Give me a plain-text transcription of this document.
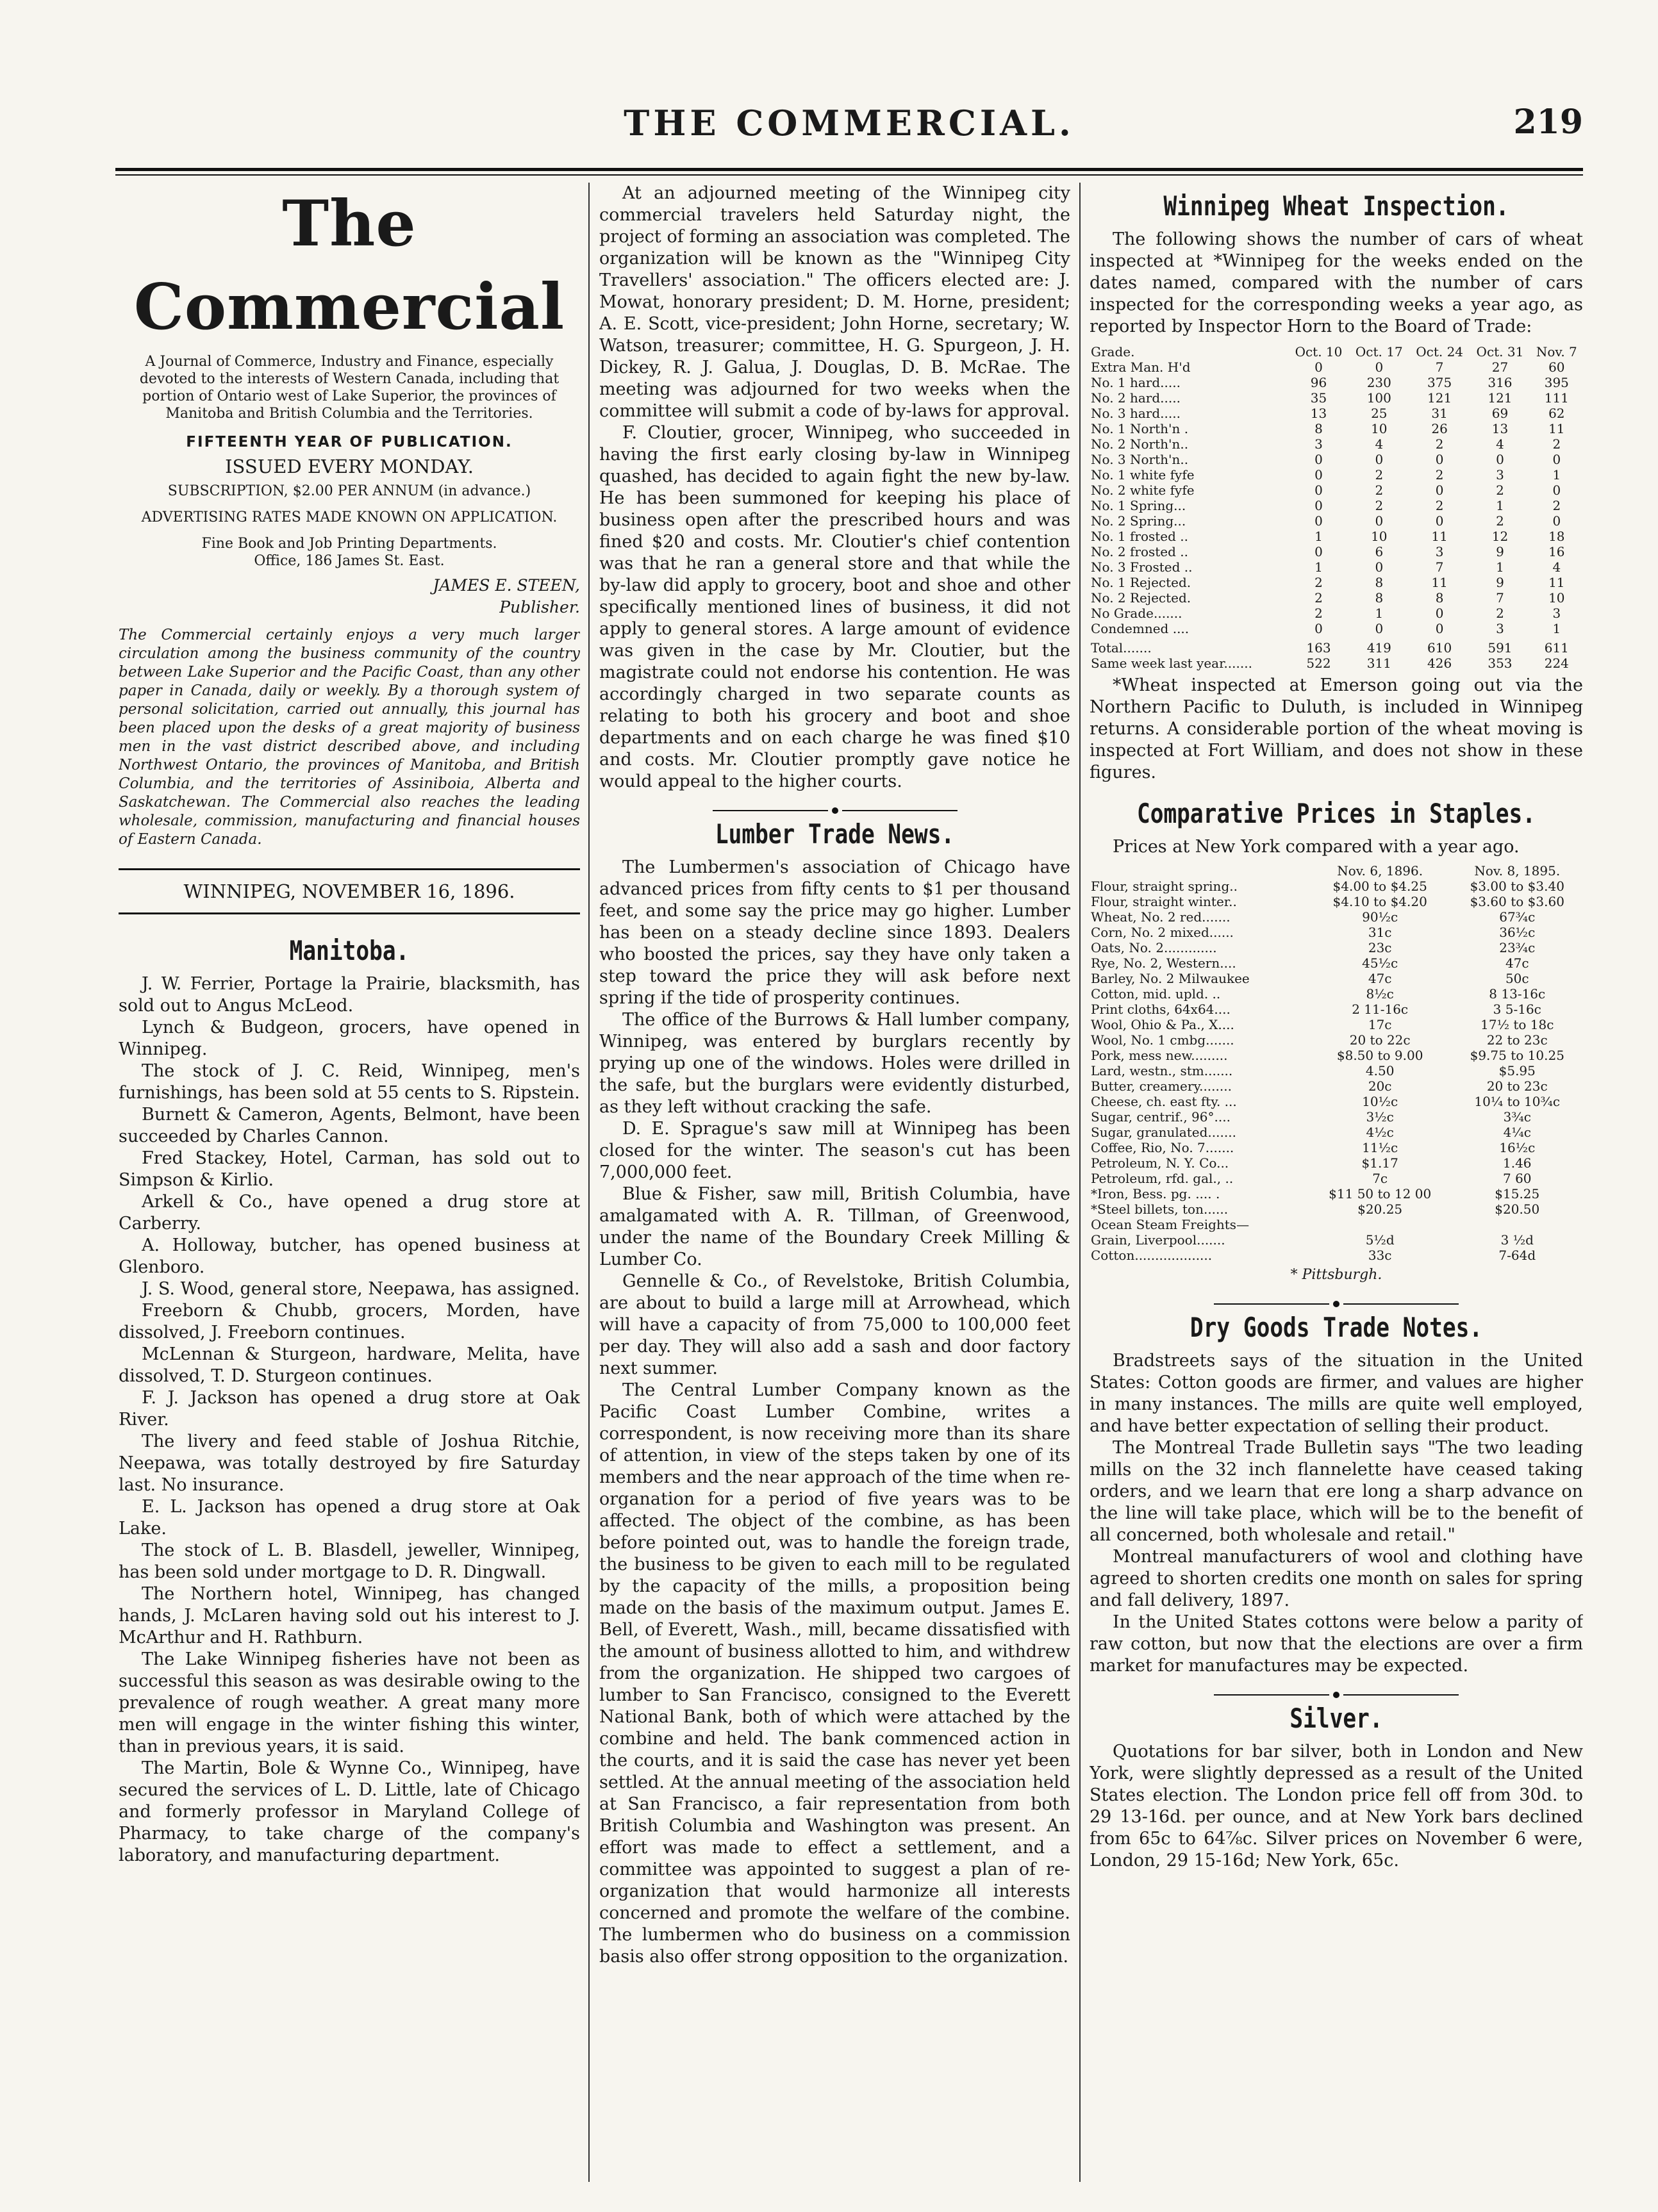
THE COMMERCIAL.	219
The Commercial

A Journal of Commerce, Industry and Finance, especially devoted to the interests of Western Canada, including that portion of Ontario west of Lake Superior, the provinces of Manitoba and British Columbia and the Territories.

FIFTEENTH YEAR OF PUBLICATION.

ISSUED EVERY MONDAY.

SUBSCRIPTION, $2.00 PER ANNUM (in advance.)

ADVERTISING RATES MADE KNOWN ON APPLICATION.

Fine Book and Job Printing Departments.

Office, 186 James St. East.

JAMES E. STEEN,

Publisher.

The Commercial certainly enjoys a very much larger circulation among the business community of the country between Lake Superior and the Pacific Coast, than any other paper in Canada, daily or weekly. By a thorough system of personal solicitation, carried out annually, this journal has been placed upon the desks of a great majority of business men in the vast district described above, and including Northwest Ontario, the provinces of Manitoba, and British Columbia, and the territories of Assiniboia, Alberta and Saskatchewan. The Commercial also reaches the leading wholesale, commission, manufacturing and financial houses of Eastern Canada.

WINNIPEG, NOVEMBER 16, 1896.
Manitoba.

J. W. Ferrier, Portage la Prairie, blacksmith, has sold out to Angus McLeod.

Lynch & Budgeon, grocers, have opened in Winnipeg.

The stock of J. C. Reid, Winnipeg, men's furnishings, has been sold at 55 cents to S. Ripstein.

Burnett & Cameron, Agents, Belmont, have been succeeded by Charles Cannon.

Fred Stackey, Hotel, Carman, has sold out to Simpson & Kirlio.

Arkell & Co., have opened a drug store at Carberry.

A. Holloway, butcher, has opened business at Glenboro.

J. S. Wood, general store, Neepawa, has assigned.

Freeborn & Chubb, grocers, Morden, have dissolved, J. Freeborn continues.

McLennan & Sturgeon, hardware, Melita, have dissolved, T. D. Sturgeon continues.

F. J. Jackson has opened a drug store at Oak River.

The livery and feed stable of Joshua Ritchie, Neepawa, was totally destroyed by fire Saturday last. No insurance.

E. L. Jackson has opened a drug store at Oak Lake.

The stock of L. B. Blasdell, jeweller, Winnipeg, has been sold under mortgage to D. R. Dingwall.

The Northern hotel, Winnipeg, has changed hands, J. McLaren having sold out his interest to J. McArthur and H. Rathburn.

The Lake Winnipeg fisheries have not been as successful this season as was desirable owing to the prevalence of rough weather. A great many more men will engage in the winter fishing this winter, than in previous years, it is said.

The Martin, Bole & Wynne Co., Winnipeg, have secured the services of L. D. Little, late of Chicago and formerly professor in Maryland College of Pharmacy, to take charge of the company's laboratory, and manufacturing department.

At an adjourned meeting of the Winnipeg city commercial travelers held Saturday night, the project of forming an association was completed. The organization will be known as the "Winnipeg City Travellers' association." The officers elected are: J. Mowat, honorary president; D. M. Horne, president; A. E. Scott, vice-president; John Horne, secretary; W. Watson, treasurer; committee, H. G. Spurgeon, J. H. Dickey, R. J. Galua, J. Douglas, D. B. McRae. The meeting was adjourned for two weeks when the committee will submit a code of by-laws for approval.

F. Cloutier, grocer, Winnipeg, who succeeded in having the first early closing by-law in Winnipeg quashed, has decided to again fight the new by-law. He has been summoned for keeping his place of business open after the prescribed hours and was fined $20 and costs. Mr. Cloutier's chief contention was that he ran a general store and that while the by-law did apply to grocery, boot and shoe and other specifically mentioned lines of business, it did not apply to general stores. A large amount of evidence was given in the case by Mr. Cloutier, but the magistrate could not endorse his contention. He was accordingly charged in two separate counts as relating to both his grocery and boot and shoe departments and on each charge he was fined $10 and costs. Mr. Cloutier promptly gave notice he would appeal to the higher courts.

Lumber Trade News.

The Lumbermen's association of Chicago have advanced prices from fifty cents to $1 per thousand feet, and some say the price may go higher. Lumber has been on a steady decline since 1893. Dealers who boosted the prices, say they have only taken a step toward the price they will ask before next spring if the tide of prosperity continues.

The office of the Burrows & Hall lumber company, Winnipeg, was entered by burglars recently by prying up one of the windows. Holes were drilled in the safe, but the burglars were evidently disturbed, as they left without cracking the safe.

D. E. Sprague's saw mill at Winnipeg has been closed for the winter. The season's cut has been 7,000,000 feet.

Blue & Fisher, saw mill, British Columbia, have amalgamated with A. R. Tillman, of Greenwood, under the name of the Boundary Creek Milling & Lumber Co.

Gennelle & Co., of Revelstoke, British Columbia, are about to build a large mill at Arrowhead, which will have a capacity of from 75,000 to 100,000 feet per day. They will also add a sash and door factory next summer.

The Central Lumber Company known as the Pacific Coast Lumber Combine, writes a correspondent, is now receiving more than its share of attention, in view of the steps taken by one of its members and the near approach of the time when re-organation for a period of five years was to be affected. The object of the combine, as has been before pointed out, was to handle the foreign trade, the business to be given to each mill to be regulated by the capacity of the mills, a proposition being made on the basis of the maximum output. James E. Bell, of Everett, Wash., mill, became dissatisfied with the amount of business allotted to him, and withdrew from the organization. He shipped two cargoes of lumber to San Francisco, consigned to the Everett National Bank, both of which were attached by the combine and held. The bank commenced action in the courts, and it is said the case has never yet been settled. At the annual meeting of the association held at San Francisco, a fair representation from both British Columbia and Washington was present. An effort was made to effect a settlement, and a committee was appointed to suggest a plan of re-organization that would harmonize all interests concerned and promote the welfare of the combine. The lumbermen who do business on a commission basis also offer strong opposition to the organization.

Winnipeg Wheat Inspection.

The following shows the number of cars of wheat inspected at *Winnipeg for the weeks ended on the dates named, compared with the number of cars inspected for the corresponding weeks a year ago, as reported by Inspector Horn to the Board of Trade:

Grade.	Oct. 10	Oct. 17	Oct. 24	Oct. 31	Nov. 7
Extra Man. H'd	0	0	7	27	60
No. 1 hard.....	96	230	375	316	395
No. 2 hard.....	35	100	121	121	111
No. 3 hard.....	13	25	31	69	62
No. 1 North'n .	8	10	26	13	11
No. 2 North'n..	3	4	2	4	2
No. 3 North'n..	0	0	0	0	0
No. 1 white fyfe	0	2	2	3	1
No. 2 white fyfe	0	2	0	2	0
No. 1 Spring...	0	2	2	1	2
No. 2 Spring...	0	0	0	2	0
No. 1 frosted ..	1	10	11	12	18
No. 2 frosted ..	0	6	3	9	16
No. 3 Frosted ..	1	0	7	1	4
No. 1 Rejected.	2	8	11	9	11
No. 2 Rejected.	2	8	8	7	10
No Grade.......	2	1	0	2	3
Condemned ....	0	0	0	3	1
Total.......	163	419	610	591	611
Same week last year.......	522	311	426	353	224

*Wheat inspected at Emerson going out via the Northern Pacific to Duluth, is included in Winnipeg returns. A considerable portion of the wheat moving is inspected at Fort William, and does not show in these figures.

Comparative Prices in Staples.

Prices at New York compared with a year ago.

	Nov. 6, 1896.	Nov. 8, 1895.
Flour, straight spring..	$4.00 to $4.25	$3.00 to $3.40
Flour, straight winter..	$4.10 to $4.20	$3.60 to $3.60
Wheat, No. 2 red.......	90½c	67¾c
Corn, No. 2 mixed......	31c	36½c
Oats, No. 2.............	23c	23¾c
Rye, No. 2, Western....	45½c	47c
Barley, No. 2 Milwaukee	47c	50c
Cotton, mid. upld. ..	8½c	8 13-16c
Print cloths, 64x64....	2 11-16c	3 5-16c
Wool, Ohio & Pa., X....	17c	17½ to 18c
Wool, No. 1 cmbg.......	20 to 22c	22 to 23c
Pork, mess new.........	$8.50 to 9.00	$9.75 to 10.25
Lard, westn., stm.......	4.50	$5.95
Butter, creamery........	20c	20 to 23c
Cheese, ch. east fty. ...	10½c	10¼ to 10¾c
Sugar, centrif., 96°....	3½c	3¾c
Sugar, granulated.......	4½c	4¼c
Coffee, Rio, No. 7.......	11½c	16½c
Petroleum, N. Y. Co...	$1.17	1.46
Petroleum, rfd. gal., ..	7c	7 60
*Iron, Bess. pg. .... .	$11 50 to 12 00	$15.25
*Steel billets, ton......	$20.25	$20.50
Ocean Steam Freights—		
Grain, Liverpool.......	5½d	3 ½d
Cotton...................	33c	7-64d

* Pittsburgh.

Dry Goods Trade Notes.

Bradstreets says of the situation in the United States: Cotton goods are firmer, and values are higher in many instances. The mills are quite well employed, and have better expectation of selling their product.

The Montreal Trade Bulletin says "The two leading mills on the 32 inch flannelette have ceased taking orders, and we learn that ere long a sharp advance on the line will take place, which will be to the benefit of all concerned, both wholesale and retail."

Montreal manufacturers of wool and clothing have agreed to shorten credits one month on sales for spring and fall delivery, 1897.

In the United States cottons were below a parity of raw cotton, but now that the elections are over a firm market for manufactures may be expected.

Silver.

Quotations for bar silver, both in London and New York, were slightly depressed as a result of the United States election. The London price fell off from 30d. to 29 13-16d. per ounce, and at New York bars declined from 65c to 64⅞c. Silver prices on November 6 were, London, 29 15-16d; New York, 65c.
